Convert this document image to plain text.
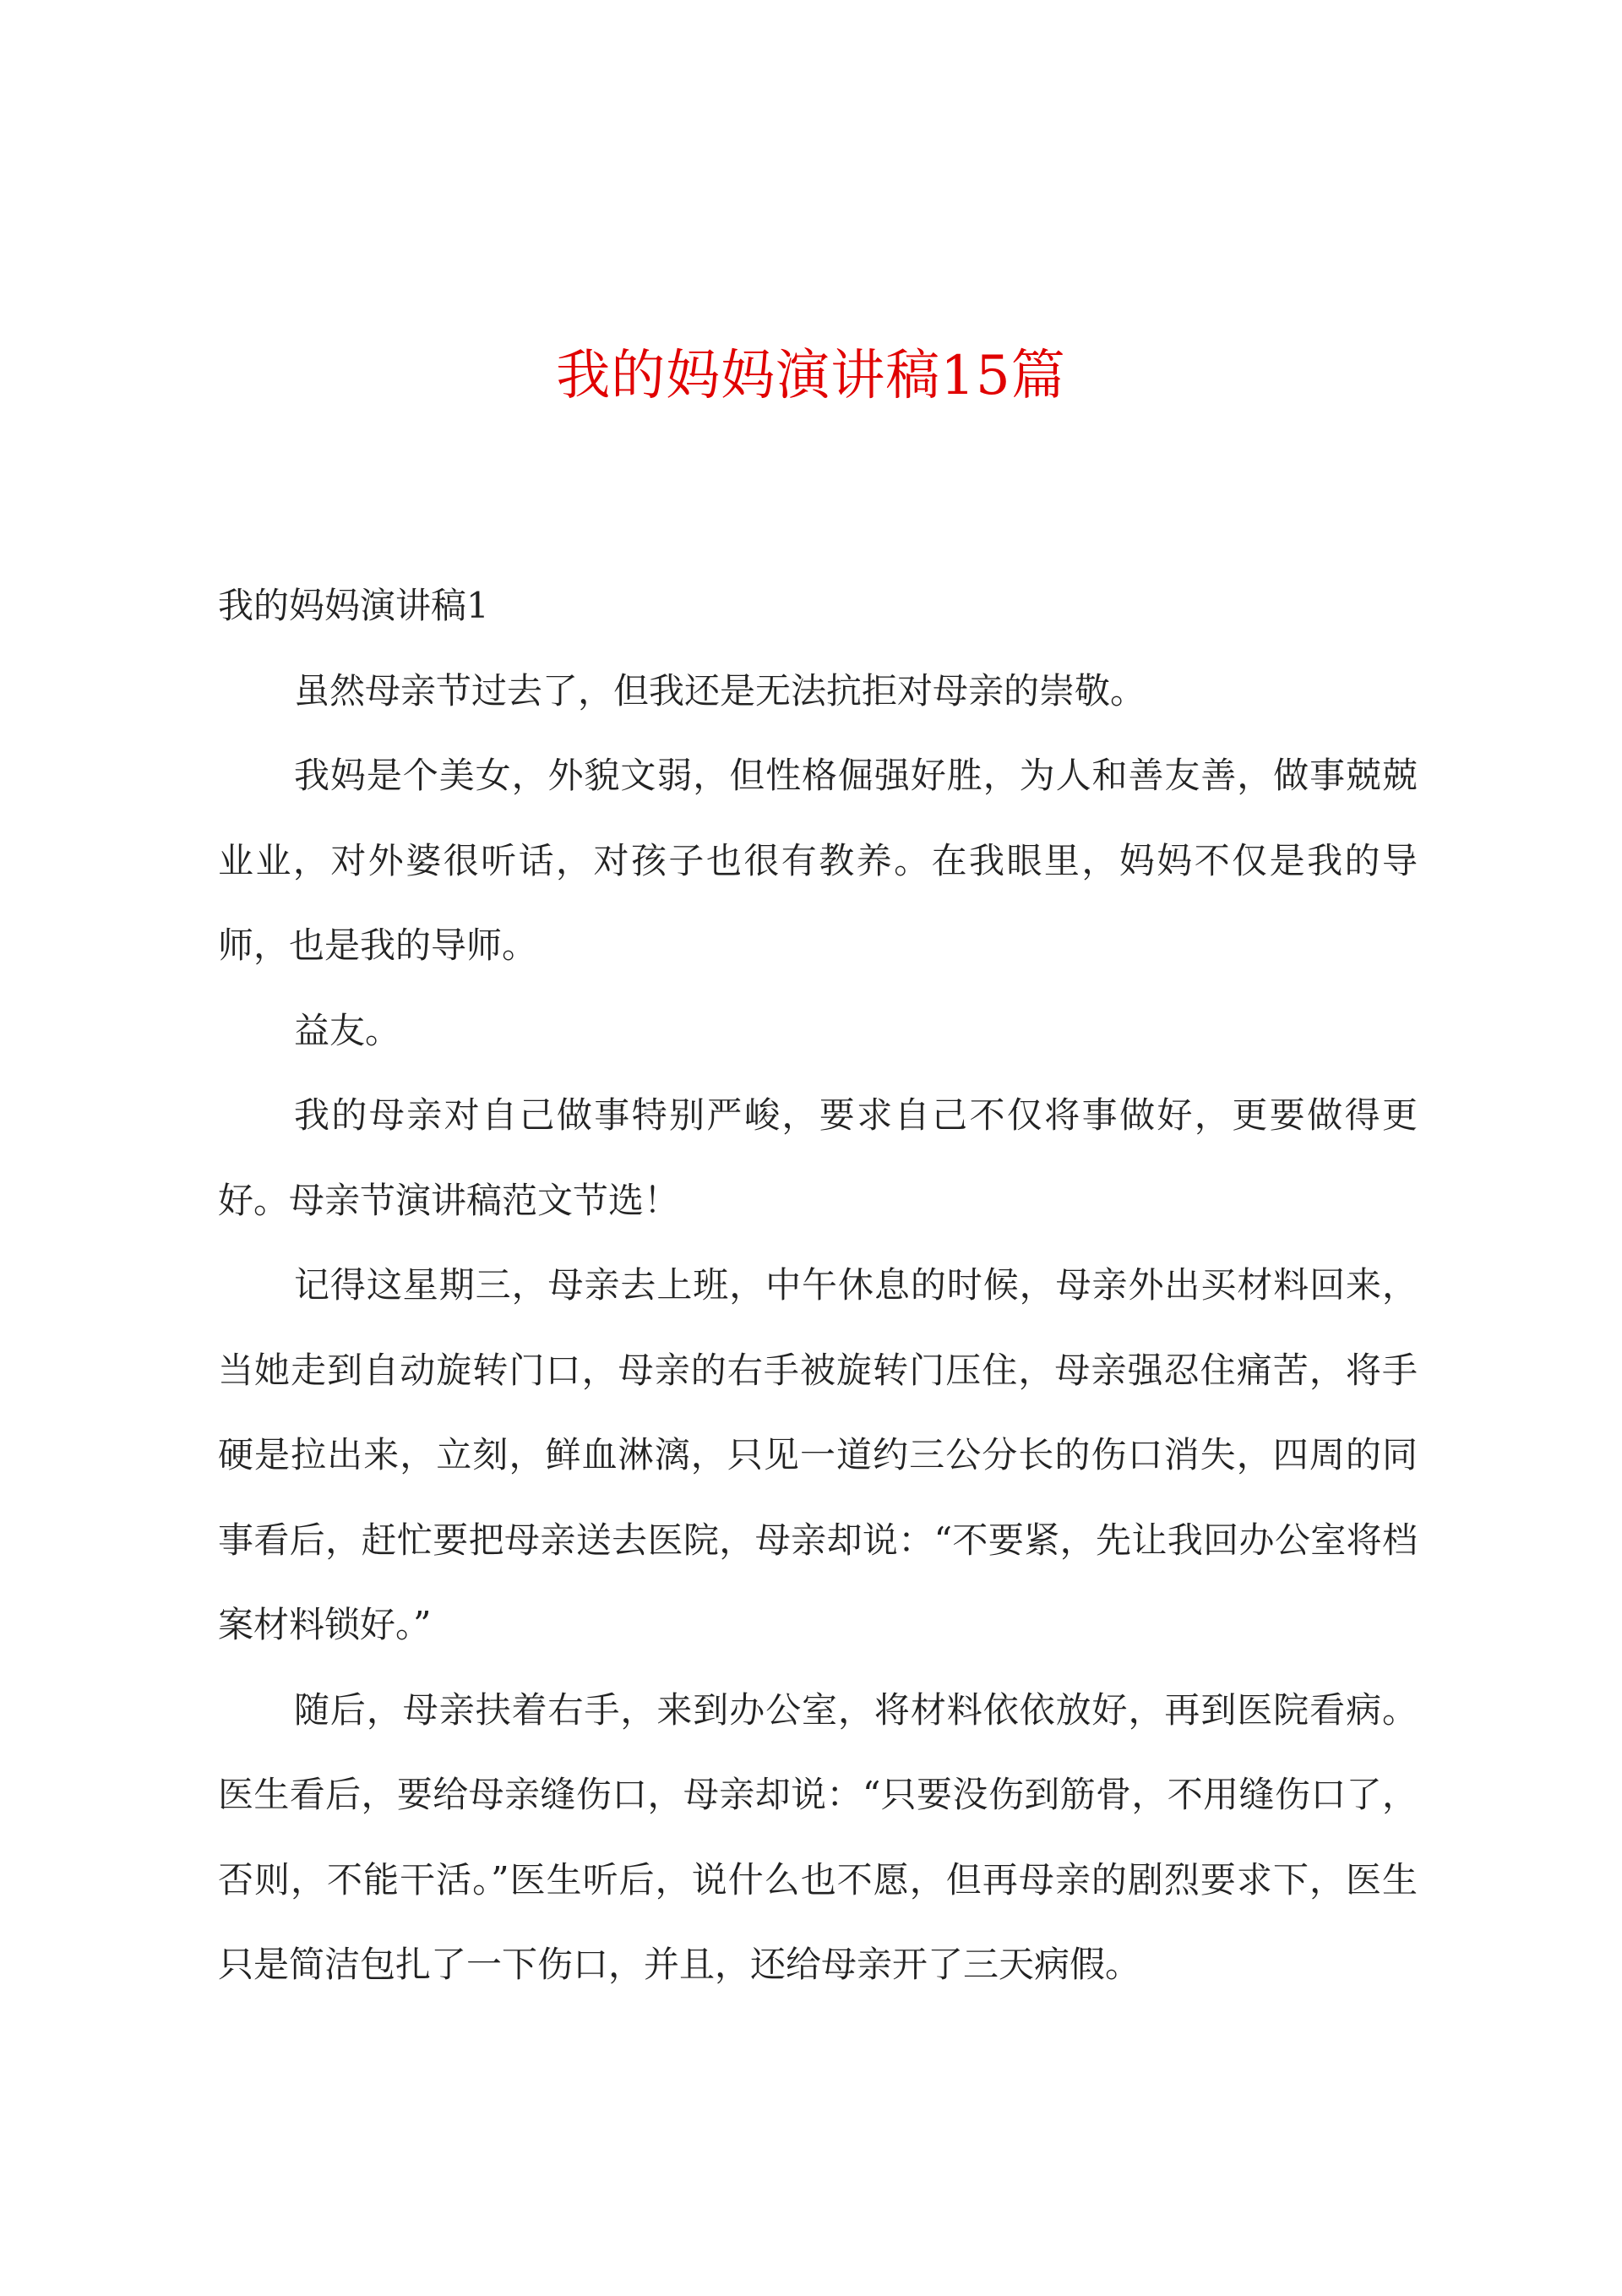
我的妈妈演讲稿15篇

我的妈妈演讲稿1

虽然母亲节过去了，但我还是无法抗拒对母亲的崇敬。

我妈是个美女，外貌文弱，但性格倔强好胜，为人和善友善，做事兢兢业业，对外婆很听话，对孩子也很有教养。在我眼里，妈妈不仅是我的导师，也是我的导师。

益友。

我的母亲对自己做事特别严峻，要求自己不仅将事做好，更要做得更好。母亲节演讲稿范文节选！

记得这星期三，母亲去上班，中午休息的时候，母亲外出买材料回来，当她走到自动旋转门口，母亲的右手被旋转门压住，母亲强忍住痛苦，将手硬是拉出来，立刻，鲜血淋漓，只见一道约三公分长的伤口消失，四周的同事看后，赶忙要把母亲送去医院，母亲却说：“不要紧，先让我回办公室将档案材料锁好。”

随后，母亲扶着右手，来到办公室，将材料依依放好，再到医院看病。医生看后，要给母亲缝伤口，母亲却说：“只要没伤到筋骨，不用缝伤口了，否则，不能干活。”医生听后，说什么也不愿，但再母亲的剧烈要求下，医生只是简洁包扎了一下伤口，并且，还给母亲开了三天病假。
